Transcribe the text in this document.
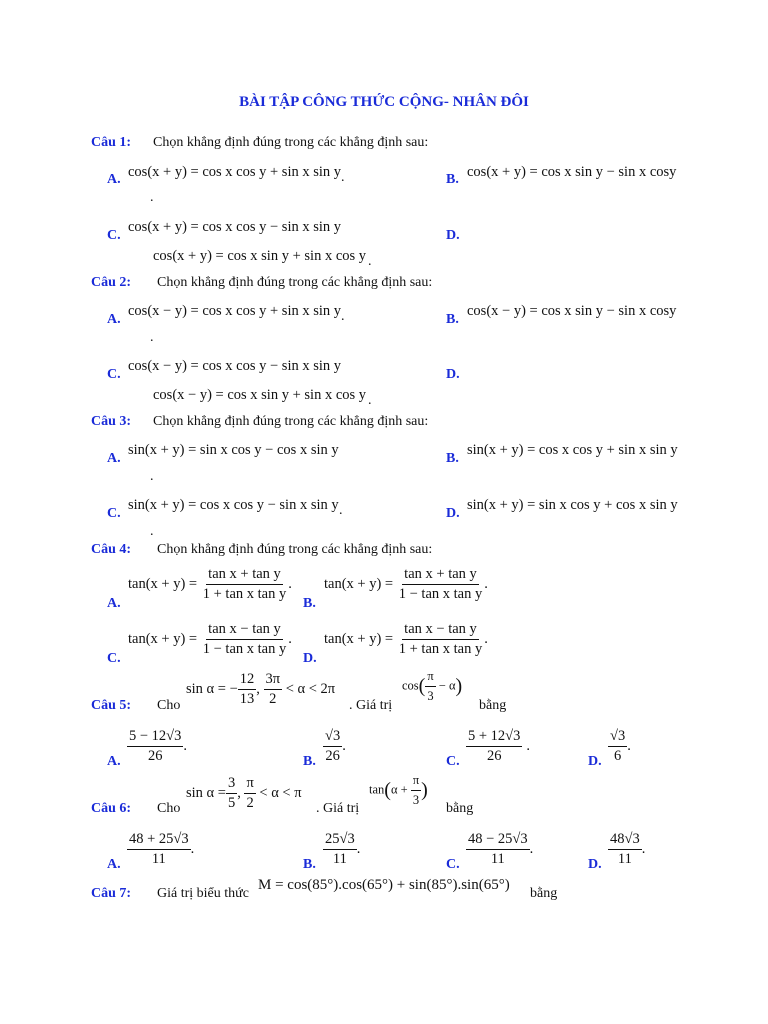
BÀI TẬP CÔNG THỨC CỘNG- NHÂN ĐÔI
Câu 1: Chọn khẳng định đúng trong các khẳng định sau:
A. cos(x + y) = cos x cos y + sin x sin y .
.
B. cos(x + y) = cos x sin y − sin x cosy
C.
cos(x + y) = cos x cos y − sin x sin y
D.
cos(x + y) = cos x sin y + sin x cos y .
Câu 2: Chọn khẳng định đúng trong các khẳng định sau:
A.
cos(x − y) = cos x cos y + sin x sin y .
.
B.
cos(x − y) = cos x sin y − sin x cosy
C.
cos(x − y) = cos x cos y − sin x sin y
D.
cos(x − y) = cos x sin y + sin x cos y .
Câu 3: Chọn khẳng định đúng trong các khẳng định sau:
A.
sin(x + y) = sin x cos y − cos x sin y
.
B.
sin(x + y) = cos x cos y + sin x sin y
C.
sin(x + y) = cos x cos y − sin x sin y .
.
D.
sin(x + y) = sin x cos y + cos x sin y
Câu 4: Chọn khẳng định đúng trong các khẳng định sau:
A.
$\tan(x + y) = \frac{\text{tan x + tan y}}{\text{1 + tan x tan y}}$ .
B.
$\tan(x + y) = \frac{\text{tan x + tan y}}{\text{1 − tan x tan y}}$ .
C.
$\tan(x + y) = \frac{\text{tan x − tan y}}{\text{1 − tan x tan y}}$ .
D.
$\tan(x + y) = \frac{\text{tan x − tan y}}{\text{1 + tan x tan y}}$ .
Câu 5: Cho
sin α = − $\frac{12}{13}$ , $\frac{3\pi}{2} < \alpha < 2\pi$
. Giá trị
$\cos( \frac{\pi}{3} - \alpha)$
bằng
A. $\frac{5 - 12√3}{26}$ .
B. $\frac{√3}{26}$ .
C. $\frac{5 + 12√3}{26}$ .
D. $\frac{√3}{6}$ .
Câu 6: Cho
$\sin \alpha = \frac{3}{5}$ , $\frac{\pi}{2} < \alpha < \pi$
. Giá trị
$\tan(\alpha + \frac{\pi}{3}$ )
bằng
A. $\frac{48 + 25√3}{11}$ .
B. $\frac{25√3}{11}$ .
C. $\frac{48 - 25√3}{11}$ .
D. $\frac{48√3}{11}$ .
Câu 7: Giá trị biểu thức
M = cos(85°).cos(65°) + sin(85°).sin(65°)
bằng
